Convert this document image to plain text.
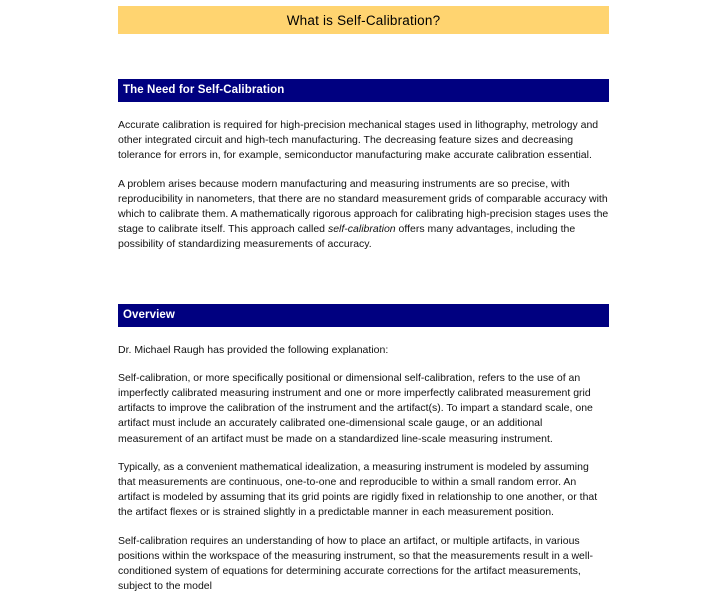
What is Self-Calibration?
The Need for Self-Calibration

Accurate calibration is required for high-precision mechanical stages used in lithography, metrology and other integrated circuit and high-tech manufacturing. The decreasing feature sizes and decreasing tolerance for errors in, for example, semiconductor manufacturing make accurate calibration essential.

A problem arises because modern manufacturing and measuring instruments are so precise, with reproducibility in nanometers, that there are no standard measurement grids of comparable accuracy with which to calibrate them. A mathematically rigorous approach for calibrating high-precision stages uses the stage to calibrate itself. This approach called self-calibration offers many advantages, including the possibility of standardizing measurements of accuracy.

Overview

Dr. Michael Raugh has provided the following explanation:

Self-calibration, or more specifically positional or dimensional self-calibration, refers to the use of an imperfectly calibrated measuring instrument and one or more imperfectly calibrated measurement grid artifacts to improve the calibration of the instrument and the artifact(s). To impart a standard scale, one artifact must include an accurately calibrated one-dimensional scale gauge, or an additional measurement of an artifact must be made on a standardized line-scale measuring instrument.

Typically, as a convenient mathematical idealization, a measuring instrument is modeled by assuming that measurements are continuous, one-to-one and reproducible to within a small random error. An artifact is modeled by assuming that its grid points are rigidly fixed in relationship to one another, or that the artifact flexes or is strained slightly in a predictable manner in each measurement position.

Self-calibration requires an understanding of how to place an artifact, or multiple artifacts, in various positions within the workspace of the measuring instrument, so that the measurements result in a well-conditioned system of equations for determining accurate corrections for the artifact measurements, subject to the model
